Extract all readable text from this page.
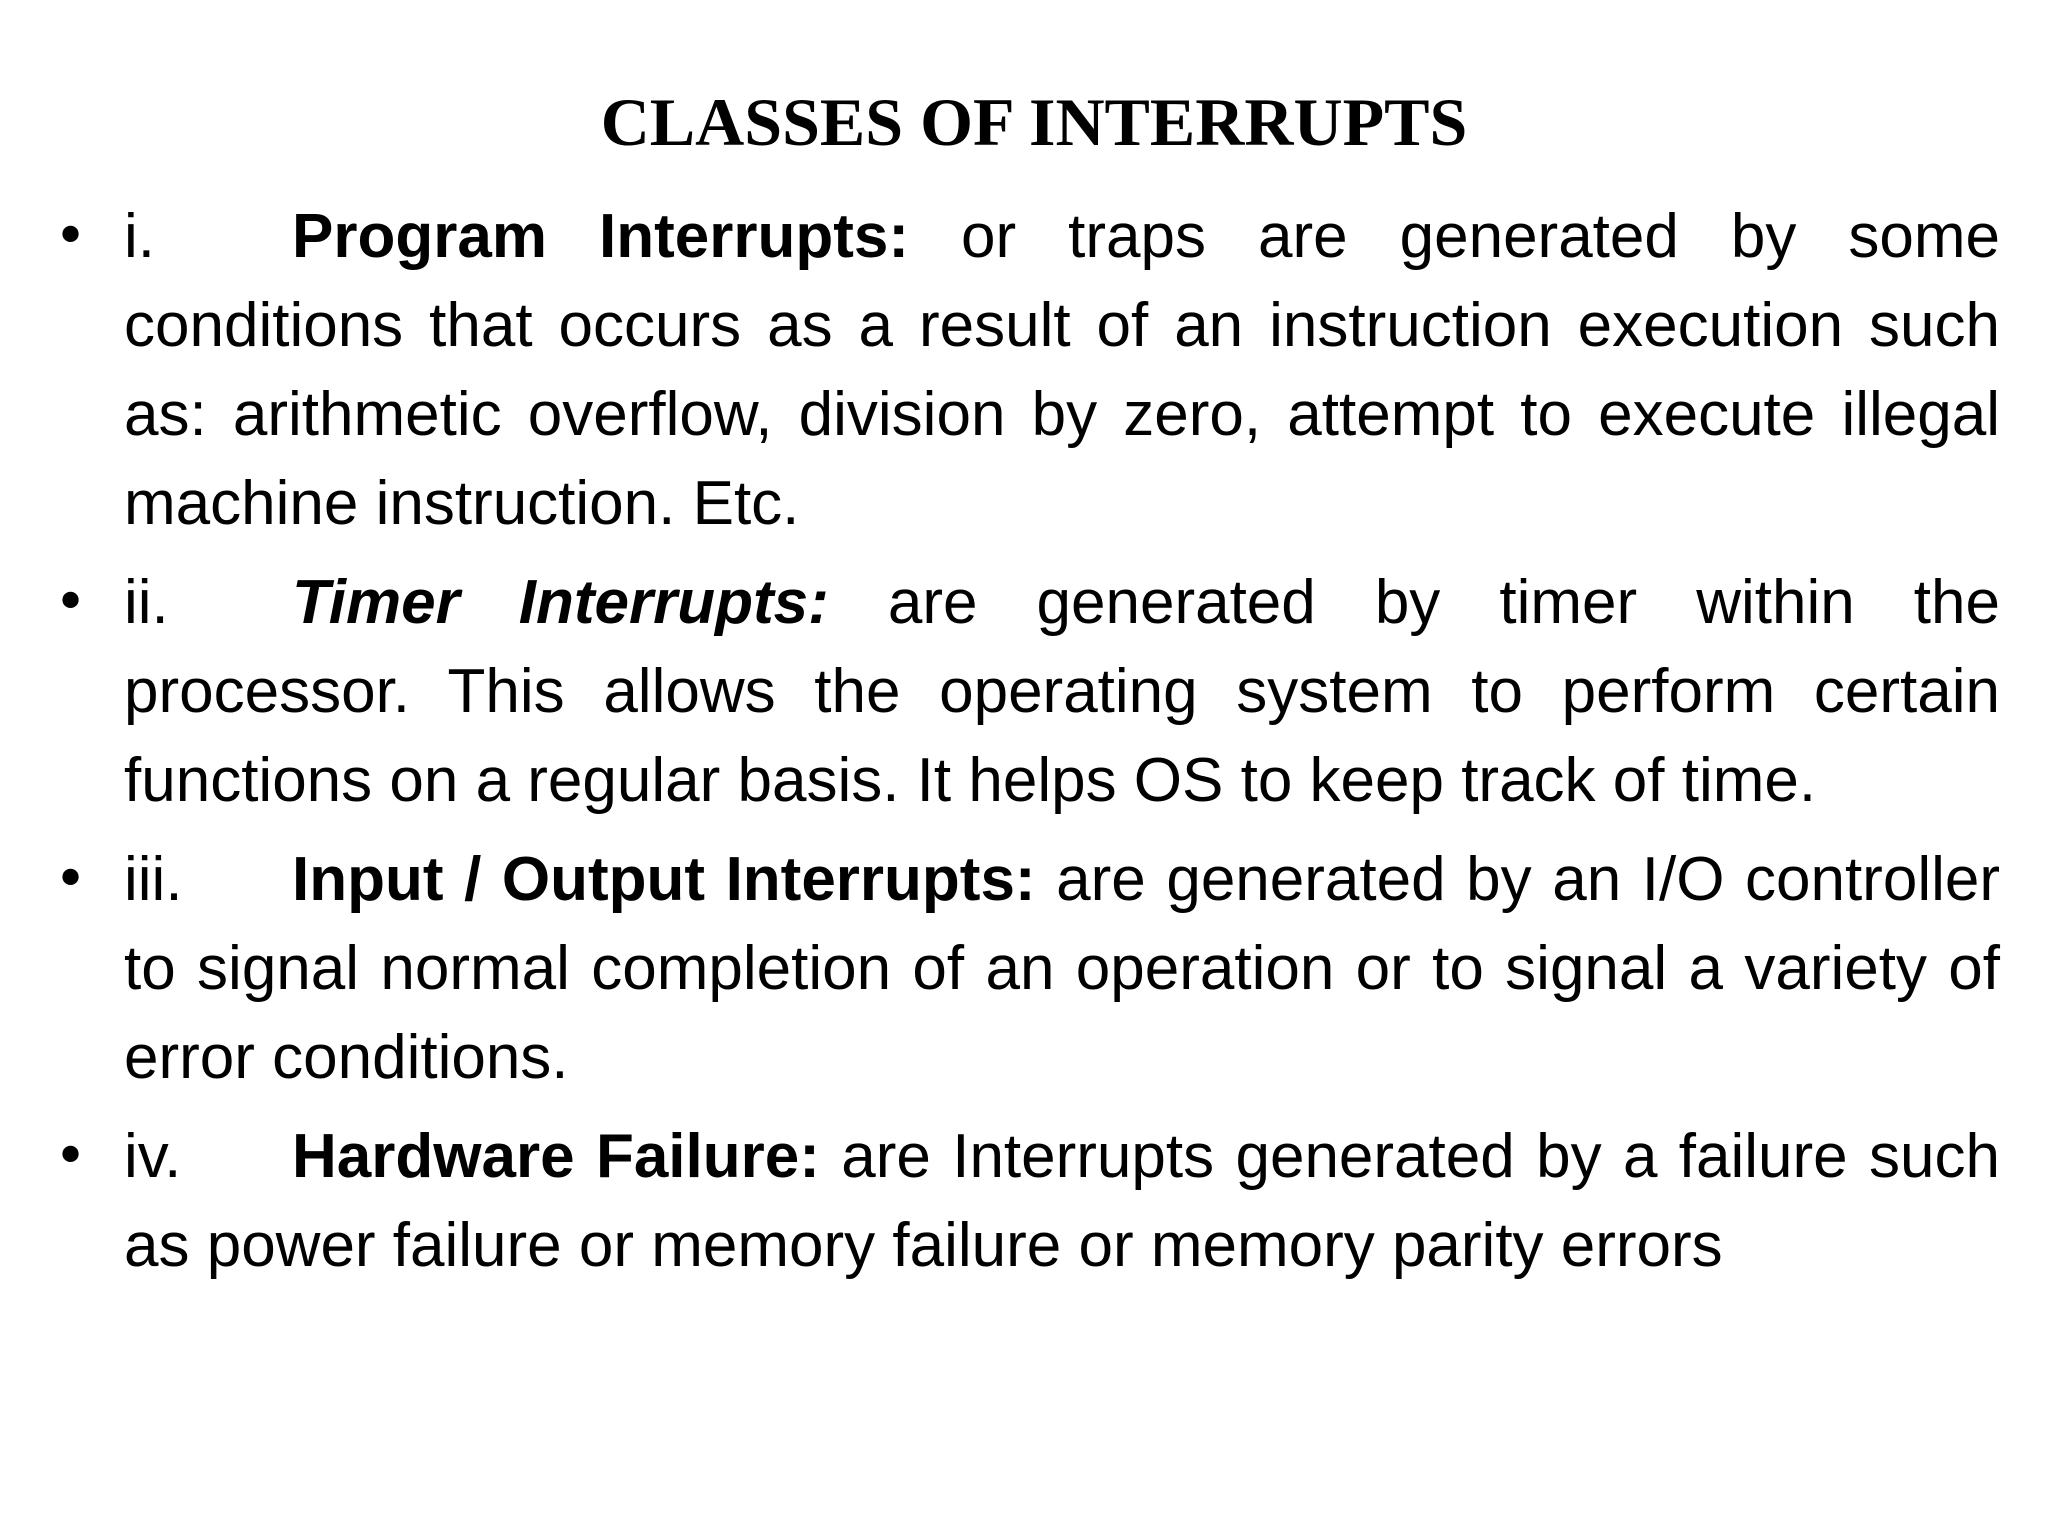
CLASSES OF INTERRUPTS
• i. Program Interrupts: or traps are generated by some conditions that occurs as a result of an instruction execution such as: arithmetic overflow, division by zero, attempt to execute illegal machine instruction. Etc.
• ii. Timer Interrupts: are generated by timer within the processor. This allows the operating system to perform certain functions on a regular basis. It helps OS to keep track of time.
• iii. Input / Output Interrupts: are generated by an I/O controller to signal normal completion of an operation or to signal a variety of error conditions.
• iv. Hardware Failure: are Interrupts generated by a failure such as power failure or memory failure or memory parity errors
